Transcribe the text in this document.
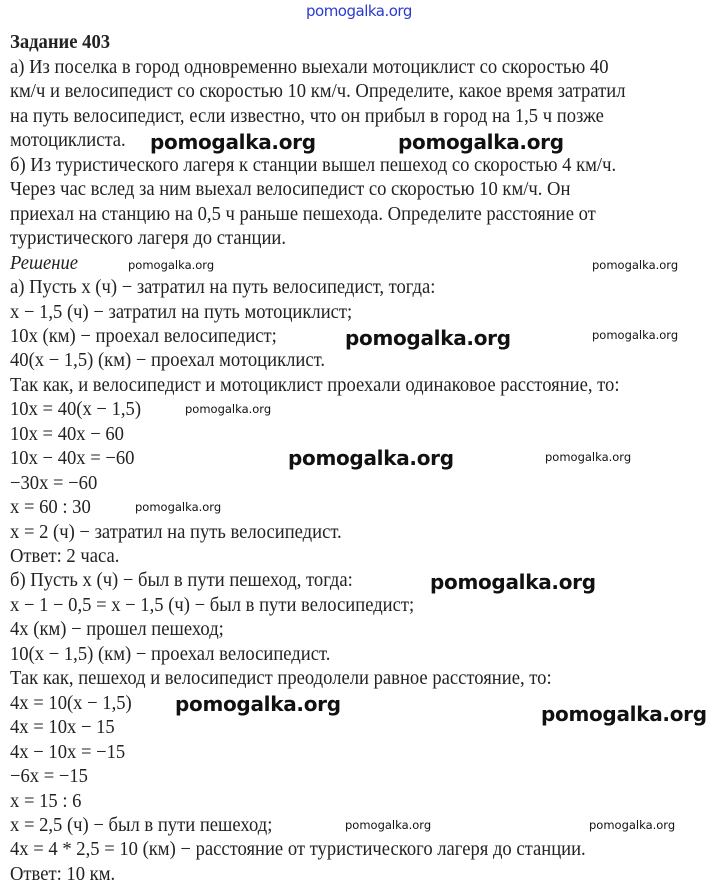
pomogalka.org
Задание 403
а) Из поселка в город одновременно выехали мотоциклист со скоростью 40
км/ч и велосипедист со скоростью 10 км/ч. Определите, какое время затратил
на путь велосипедист, если известно, что он прибыл в город на 1,5 ч позже
мотоциклиста.
б) Из туристического лагеря к станции вышел пешеход со скоростью 4 км/ч.
Через час вслед за ним выехал велосипедист со скоростью 10 км/ч. Он
приехал на станцию на 0,5 ч раньше пешехода. Определите расстояние от
туристического лагеря до станции.
Решение
а) Пусть x (ч) − затратил на путь велосипедист, тогда:
x − 1,5 (ч) − затратил на путь мотоциклист;
10x (км) − проехал велосипедист;
40(x − 1,5) (км) − проехал мотоциклист.
Так как, и велосипедист и мотоциклист проехали одинаковое расстояние, то:
10x = 40(x − 1,5)
10x = 40x − 60
10x − 40x = −60
−30x = −60
x = 60 : 30
x = 2 (ч) − затратил на путь велосипедист.
Ответ: 2 часа.
б) Пусть x (ч) − был в пути пешеход, тогда:
x − 1 − 0,5 = x − 1,5 (ч) − был в пути велосипедист;
4x (км) − прошел пешеход;
10(x − 1,5) (км) − проехал велосипедист.
Так как, пешеход и велосипедист преодолели равное расстояние, то:
4x = 10(x − 1,5)
4x = 10x − 15
4x − 10x = −15
−6x = −15
x = 15 : 6
x = 2,5 (ч) − был в пути пешеход;
4x = 4 * 2,5 = 10 (км) − расстояние от туристического лагеря до станции.
Ответ: 10 км.
pomogalka.org	pomogalka.org
pomogalka.org
pomogalka.org
pomogalka.org
pomogalka.org	pomogalka.org
pomogalka.org	pomogalka.org
pomogalka.org
pomogalka.org
pomogalka.org
pomogalka.org
pomogalka.org	pomogalka.org
